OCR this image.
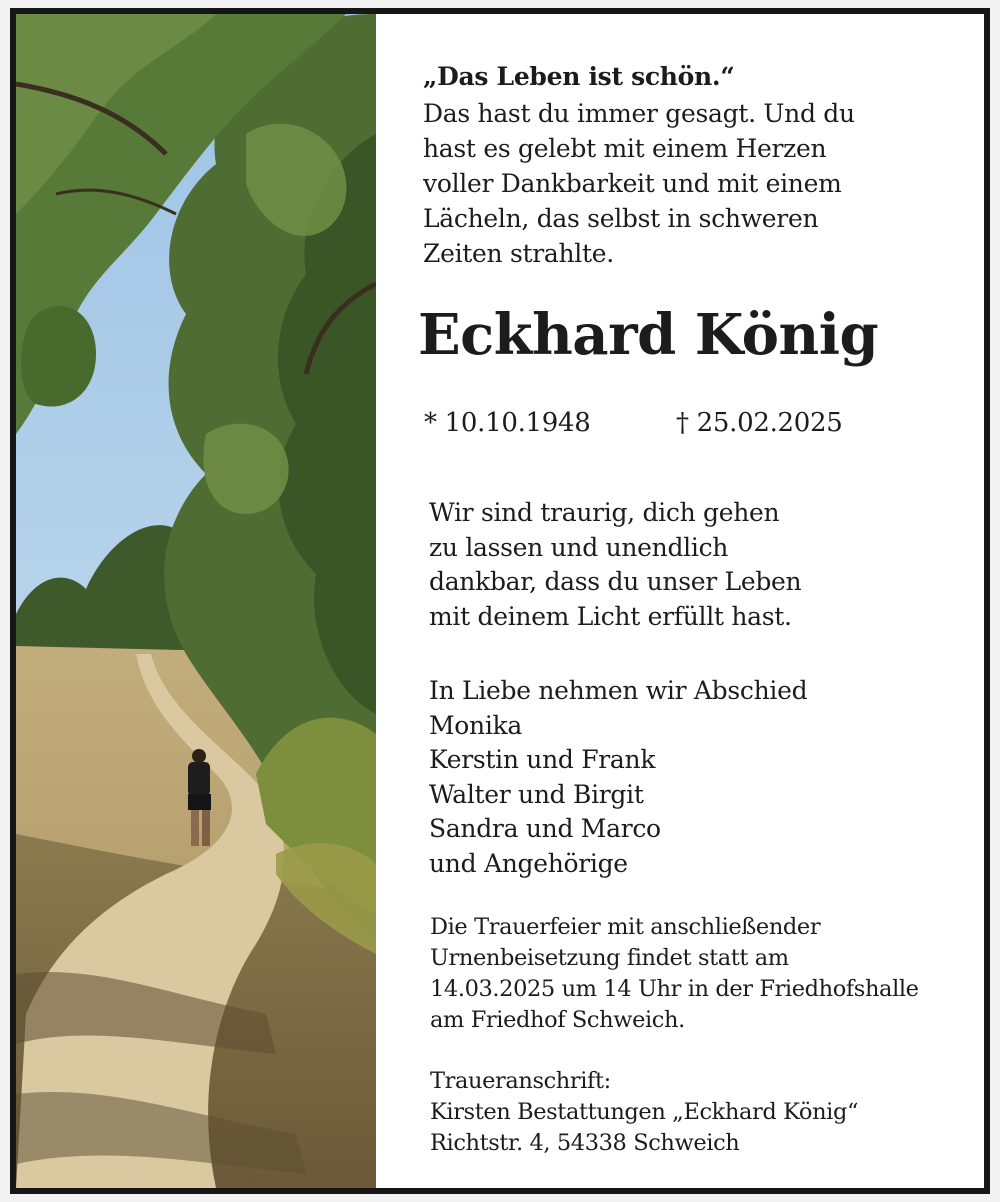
„Das Leben ist schön.“
Das hast du immer gesagt. Und du
hast es gelebt mit einem Herzen
voller Dankbarkeit und mit einem
Lächeln, das selbst in schweren
Zeiten strahlte.
Eckhard König
* 10.10.1948	† 25.02.2025
Wir sind traurig, dich gehen
zu lassen und unendlich
dankbar, dass du unser Leben
mit deinem Licht erfüllt hast.
In Liebe nehmen wir Abschied
Monika
Kerstin und Frank
Walter und Birgit
Sandra und Marco
und Angehörige
Die Trauerfeier mit anschließender
Urnenbeisetzung findet statt am
14.03.2025 um 14 Uhr in der Friedhofshalle
am Friedhof Schweich.
Traueranschrift:
Kirsten Bestattungen „Eckhard König“
Richtstr. 4, 54338 Schweich
